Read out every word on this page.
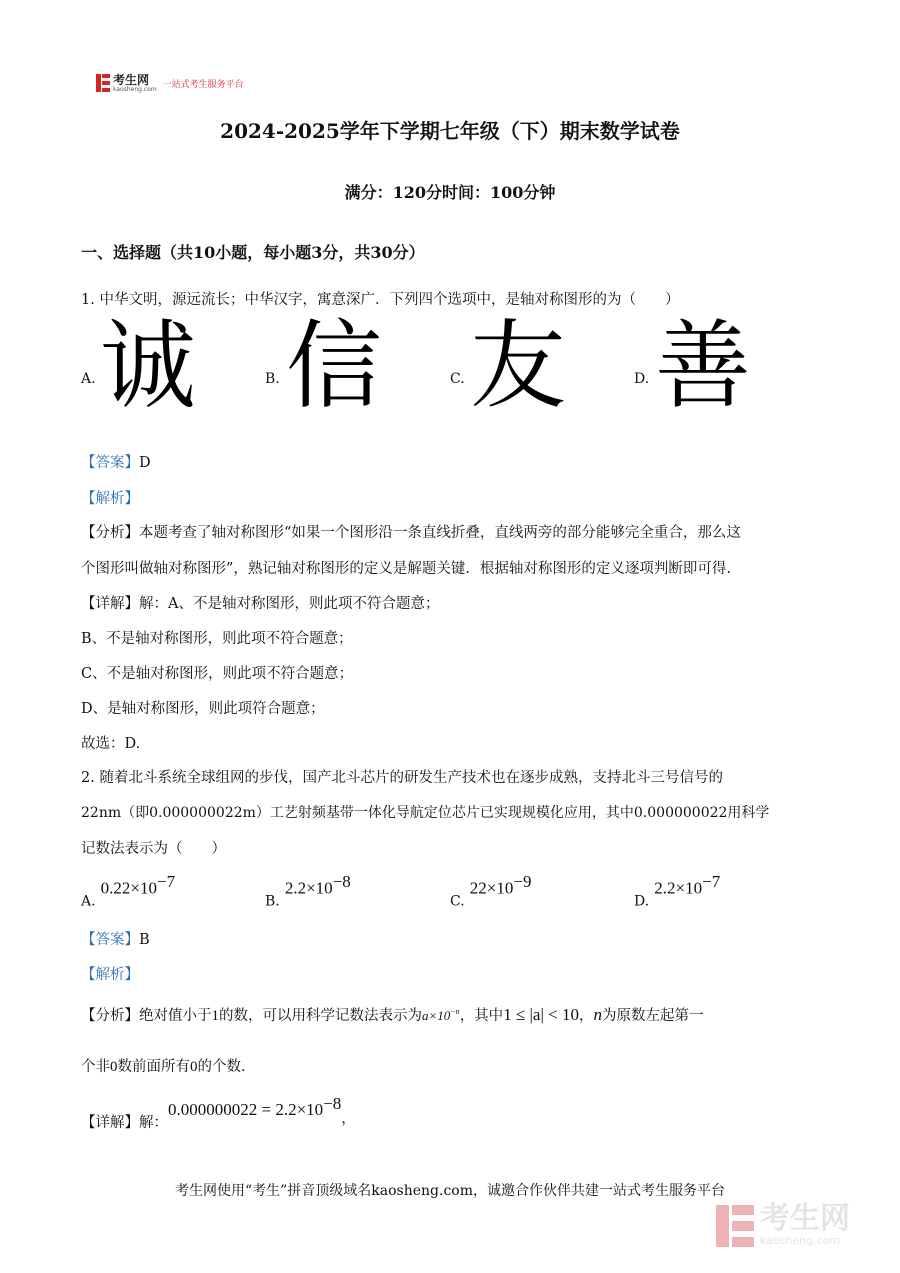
考生网
kaosheng.com 一站式考生服务平台
2024-2025学年下学期七年级（下）期末数学试卷
满分：120分时间：100分钟
一、选择题（共10小题，每小题3分，共30分）
1. 中华文明，源远流长；中华汉字，寓意深广．下列四个选项中，是轴对称图形的为（　　）
A. 诚	B. 信	C. 友	D. 善
【答案】D
【解析】
【分析】本题考查了轴对称图形“如果一个图形沿一条直线折叠，直线两旁的部分能够完全重合，那么这
个图形叫做轴对称图形”，熟记轴对称图形的定义是解题关键．根据轴对称图形的定义逐项判断即可得.
【详解】解：A、不是轴对称图形，则此项不符合题意；
B、不是轴对称图形，则此项不符合题意；
C、不是轴对称图形，则此项不符合题意；
D、是轴对称图形，则此项符合题意；
故选：D.
2. 随着北斗系统全球组网的步伐，国产北斗芯片的研发生产技术也在逐步成熟，支持北斗三号信号的
22nm（即0.000000022m）工艺射频基带一体化导航定位芯片已实现规模化应用，其中0.000000022用科学
记数法表示为（　　）
A. $0.22\times 10^{-7}$
B. $2.2\times 10^{-8}$
C. $22\times 10^{-9}$
D. $2.2\times 10^{-7}$
【答案】B
【解析】
【分析】绝对值小于1的数，可以用科学记数法表示为$a\times 10^{-n}$，其中1 ≤ |a| < 10，n为原数左起第一
个非0数前面所有0的个数.
【详解】解：$0.000000022 = 2.2\times 10^{-8}$，
考生网使用“考生”拼音顶级域名kaosheng.com，诚邀合作伙伴共建一站式考生服务平台
考生网
kaosheng.com
